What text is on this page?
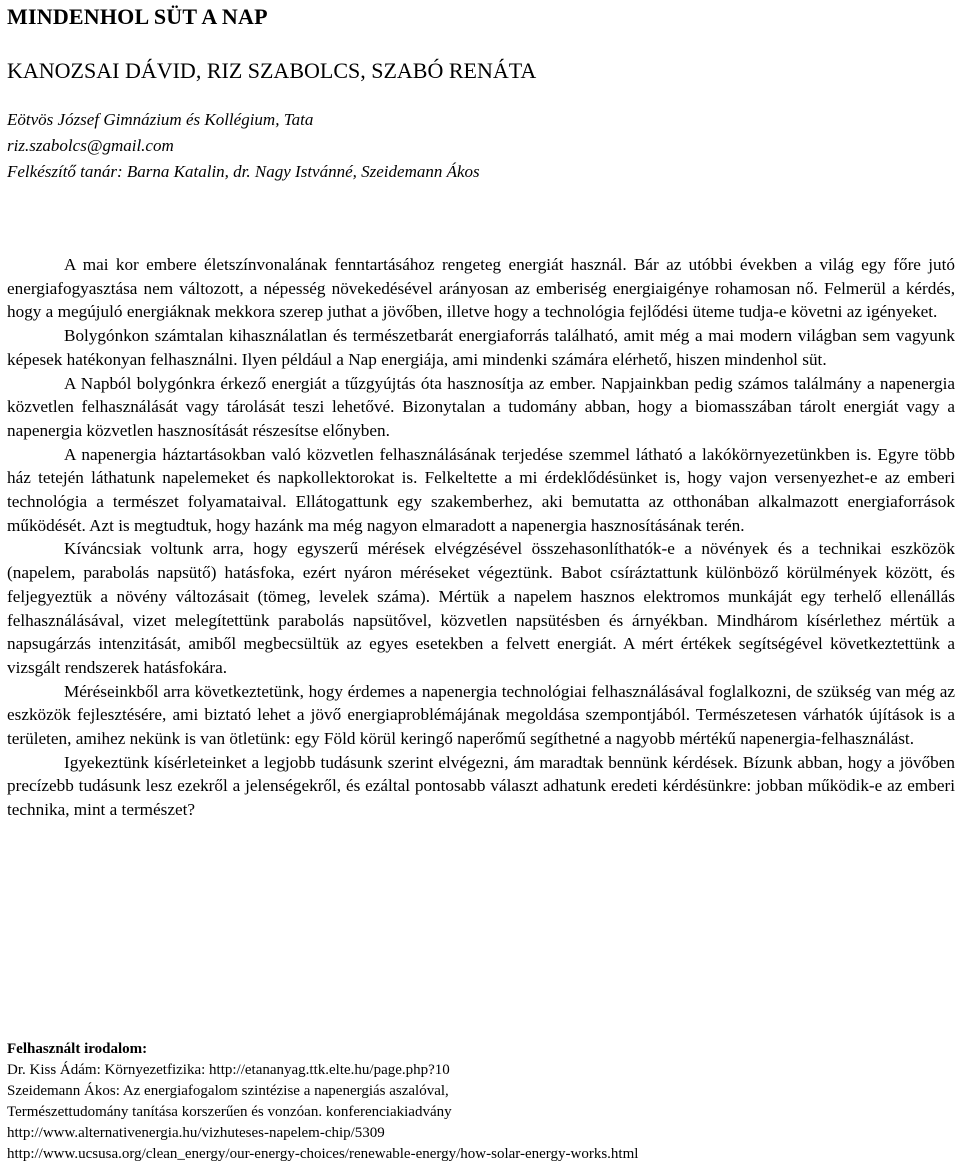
MINDENHOL SÜT A NAP
KANOZSAI DÁVID, RIZ SZABOLCS, SZABÓ RENÁTA
Eötvös József Gimnázium és Kollégium, Tata
riz.szabolcs@gmail.com
Felkészítő tanár: Barna Katalin, dr. Nagy Istvánné, Szeidemann Ákos

A mai kor embere életszínvonalának fenntartásához rengeteg energiát használ. Bár az utóbbi években a világ egy főre jutó energiafogyasztása nem változott, a népesség növekedésével arányosan az emberiség energiaigénye rohamosan nő. Felmerül a kérdés, hogy a megújuló energiáknak mekkora szerep juthat a jövőben, illetve hogy a technológia fejlődési üteme tudja-e követni az igényeket.

Bolygónkon számtalan kihasználatlan és természetbarát energiaforrás található, amit még a mai modern világban sem vagyunk képesek hatékonyan felhasználni. Ilyen például a Nap energiája, ami mindenki számára elérhető, hiszen mindenhol süt.

A Napból bolygónkra érkező energiát a tűzgyújtás óta hasznosítja az ember. Napjainkban pedig számos találmány a napenergia közvetlen felhasználását vagy tárolását teszi lehetővé. Bizonytalan a tudomány abban, hogy a biomasszában tárolt energiát vagy a napenergia közvetlen hasznosítását részesítse előnyben.

A napenergia háztartásokban való közvetlen felhasználásának terjedése szemmel látható a lakókörnyezetünkben is. Egyre több ház tetején láthatunk napelemeket és napkollektorokat is. Felkeltette a mi érdeklődésünket is, hogy vajon versenyezhet-e az emberi technológia a természet folyamataival. Ellátogattunk egy szakemberhez, aki bemutatta az otthonában alkalmazott energiaforrások működését. Azt is megtudtuk, hogy hazánk ma még nagyon elmaradott a napenergia hasznosításának terén.

Kíváncsiak voltunk arra, hogy egyszerű mérések elvégzésével összehasonlíthatók-e a növények és a technikai eszközök (napelem, parabolás napsütő) hatásfoka, ezért nyáron méréseket végeztünk. Babot csíráztattunk különböző körülmények között, és feljegyeztük a növény változásait (tömeg, levelek száma). Mértük a napelem hasznos elektromos munkáját egy terhelő ellenállás felhasználásával, vizet melegítettünk parabolás napsütővel, közvetlen napsütésben és árnyékban. Mindhárom kísérlethez mértük a napsugárzás intenzitását, amiből megbecsültük az egyes esetekben a felvett energiát. A mért értékek segítségével következtettünk a vizsgált rendszerek hatásfokára.

Méréseinkből arra következtetünk, hogy érdemes a napenergia technológiai felhasználásával foglalkozni, de szükség van még az eszközök fejlesztésére, ami biztató lehet a jövő energiaproblémájának megoldása szempontjából. Természetesen várhatók újítások is a területen, amihez nekünk is van ötletünk: egy Föld körül keringő naperőmű segíthetné a nagyobb mértékű napenergia-felhasználást.

Igyekeztünk kísérleteinket a legjobb tudásunk szerint elvégezni, ám maradtak bennünk kérdések. Bízunk abban, hogy a jövőben precízebb tudásunk lesz ezekről a jelenségekről, és ezáltal pontosabb választ adhatunk eredeti kérdésünkre: jobban működik-e az emberi technika, mint a természet?

Felhasznált irodalom:
Dr. Kiss Ádám: Környezetfizika: http://etananyag.ttk.elte.hu/page.php?10
Szeidemann Ákos: Az energiafogalom szintézise a napenergiás aszalóval,
Természettudomány tanítása korszerűen és vonzóan. konferenciakiadvány
http://www.alternativenergia.hu/vizhuteses-napelem-chip/5309
http://www.ucsusa.org/clean_energy/our-energy-choices/renewable-energy/how-solar-energy-works.html
